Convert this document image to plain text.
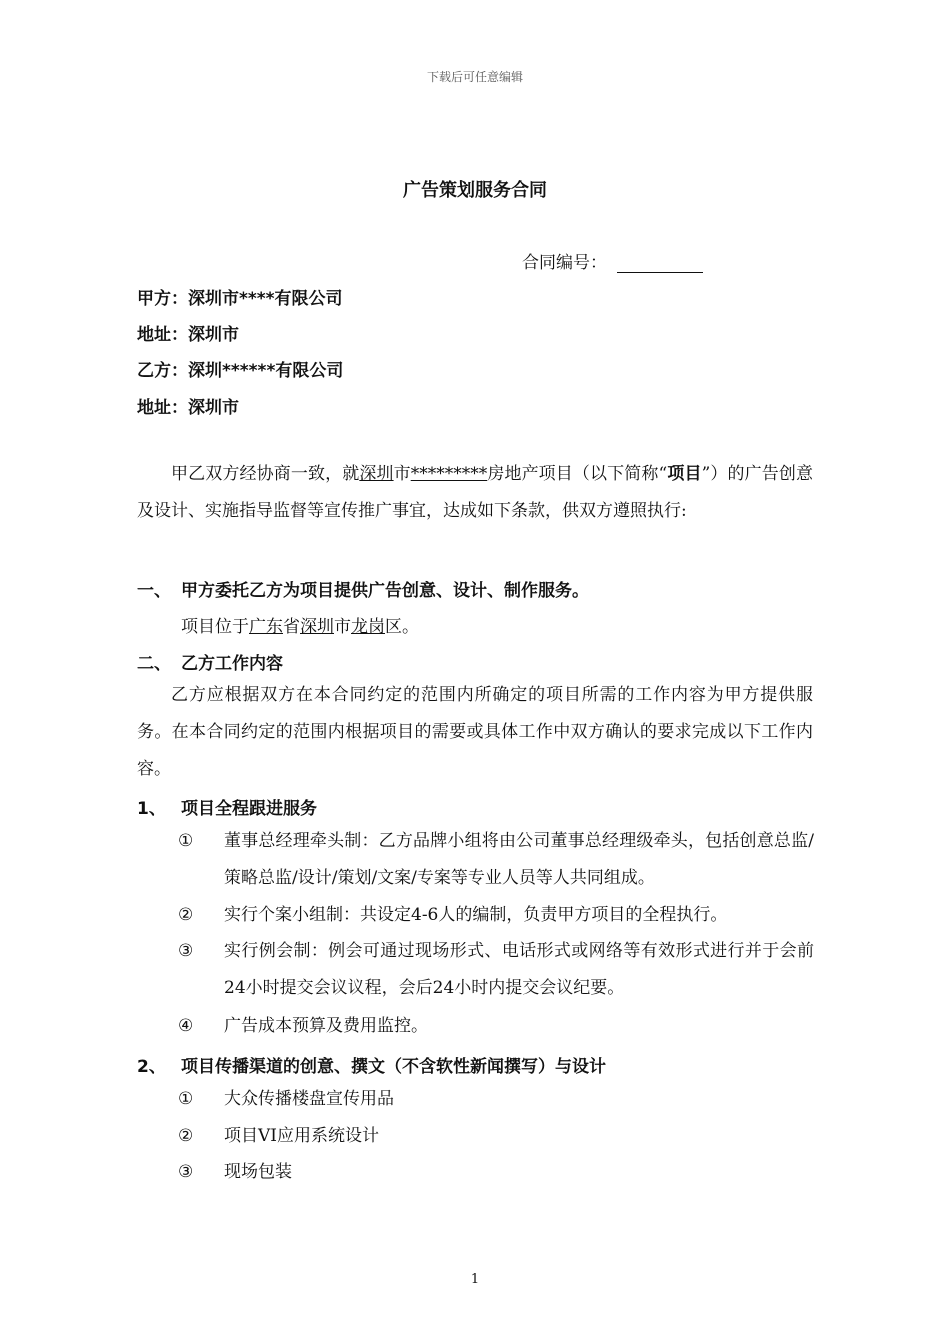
下载后可任意编辑
广告策划服务合同
合同编号：
甲方：深圳市****有限公司
地址：深圳市
乙方：深圳******有限公司
地址：深圳市
甲乙双方经协商一致，就深圳市*********房地产项目（以下简称“项目”）的广告创意及设计、实施指导监督等宣传推广事宜，达成如下条款，供双方遵照执行:
一、 甲方委托乙方为项目提供广告创意、设计、制作服务。
项目位于广东省深圳市龙岗区。
二、 乙方工作内容
乙方应根据双方在本合同约定的范围内所确定的项目所需的工作内容为甲方提供服务。在本合同约定的范围内根据项目的需要或具体工作中双方确认的要求完成以下工作内容。
1、 项目全程跟进服务
①	董事总经理牵头制：乙方品牌小组将由公司董事总经理级牵头，包括创意总监/策略总监/设计/策划/文案/专案等专业人员等人共同组成。
②	实行个案小组制：共设定4-6人的编制，负责甲方项目的全程执行。
③	实行例会制：例会可通过现场形式、电话形式或网络等有效形式进行并于会前24小时提交会议议程，会后24小时内提交会议纪要。
④	广告成本预算及费用监控。
2、 项目传播渠道的创意、撰文（不含软性新闻撰写）与设计
①	大众传播楼盘宣传用品
②	项目VI应用系统设计
③	现场包装
1
